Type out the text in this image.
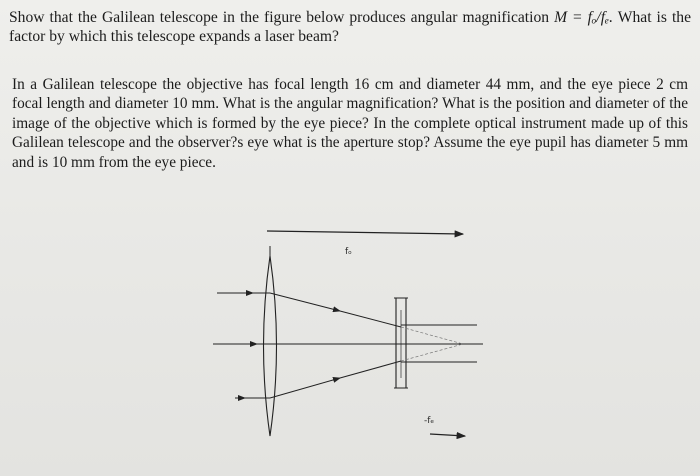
Show that the Galilean telescope in the figure below produces angular magnification M = fₒ/fₑ. What is the factor by which this telescope expands a laser beam?

In a Galilean telescope the objective has focal length 16 cm and diameter 44 mm, and the eye piece 2 cm focal length and diameter 10 mm. What is the angular magnification? What is the position and diameter of the image of the objective which is formed by the eye piece? In the complete optical instrument made up of this Galilean telescope and the observer?s eye what is the aperture stop? Assume the eye pupil has diameter 5 mm and is 10 mm from the eye piece.

fₒ
-fₑ
